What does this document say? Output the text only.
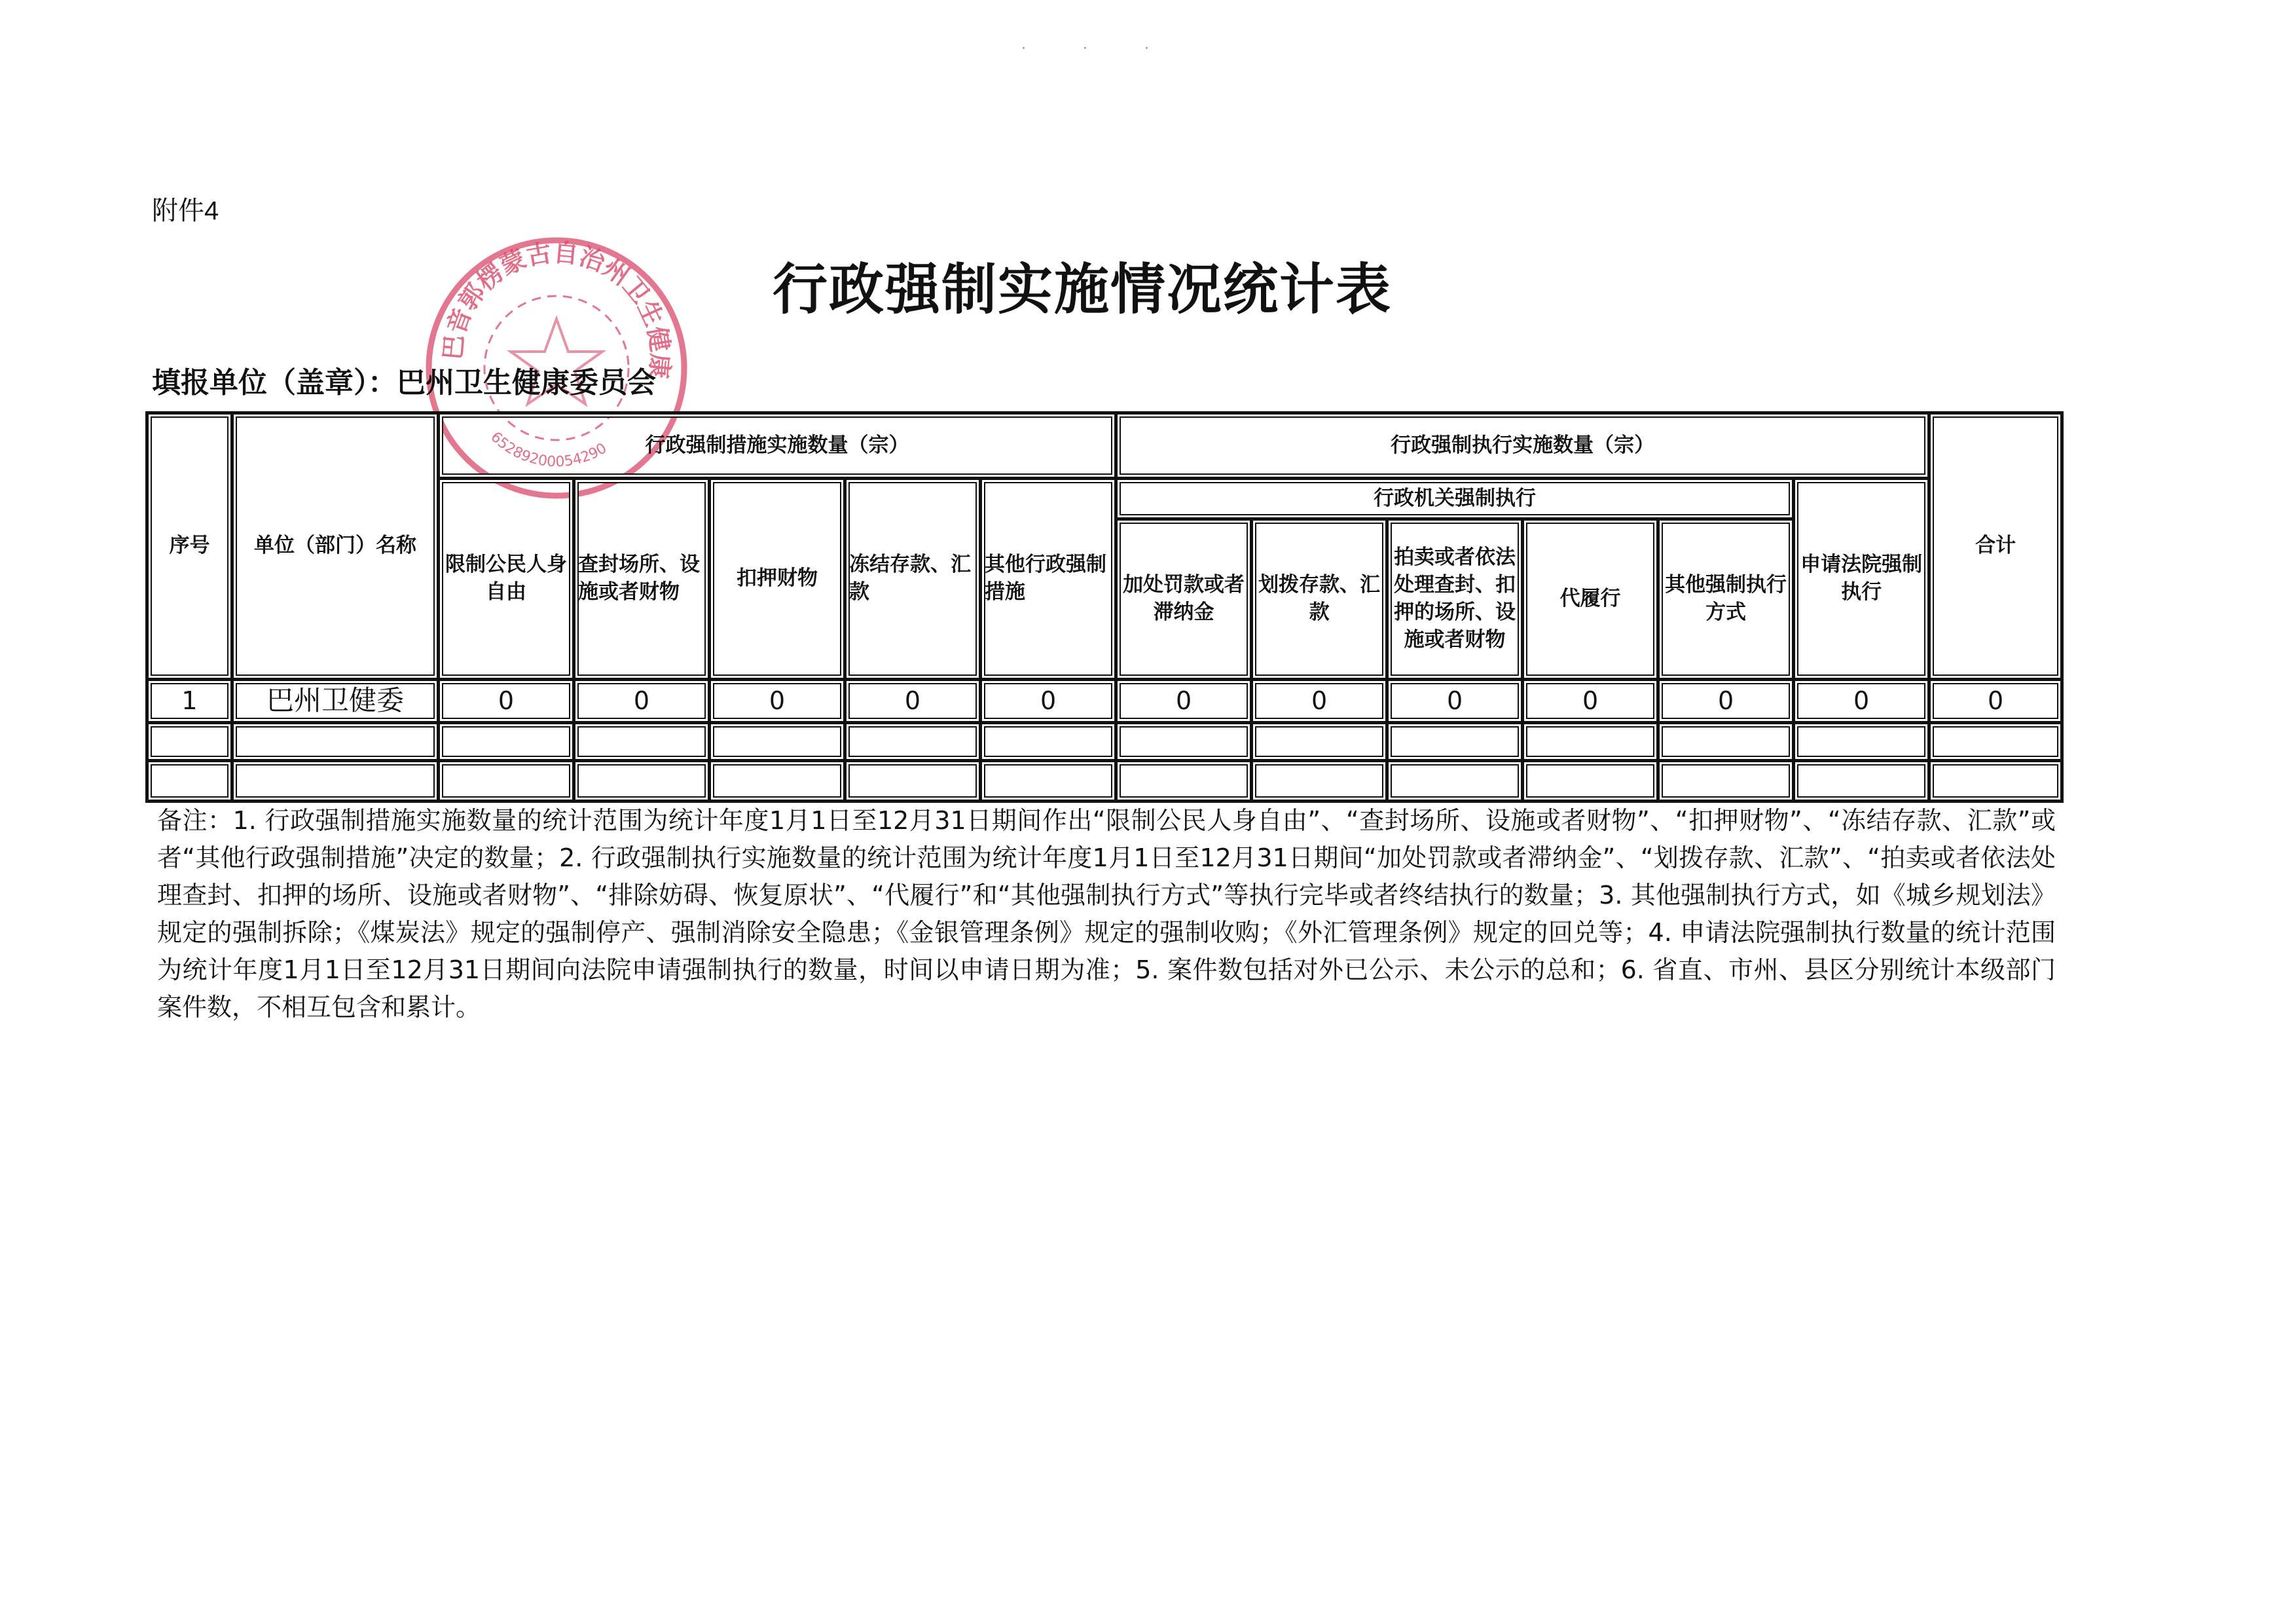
· · ·
附件4
巴音郭楞蒙古自治州卫生健康
65289200054290
行政强制实施情况统计表
填报单位（盖章）：巴州卫生健康委员会
序号	单位（部门）名称	行政强制措施实施数量（宗）					行政强制执行实施数量（宗）						合计
		限制公民人身自由	查封场所、设施或者财物	扣押财物	冻结存款、汇款	其他行政强制措施	行政机关强制执行					申请法院强制执行	
							加处罚款或者滞纳金	划拨存款、汇款	拍卖或者依法处理查封、扣押的场所、设施或者财物	代履行	其他强制执行方式		
1	巴州卫健委	0	0	0	0	0	0	0	0	0	0	0	0

备注：1. 行政强制措施实施数量的统计范围为统计年度1月1日至12月31日期间作出“限制公民人身自由”、“查封场所、设施或者财物”、“扣押财物”、“冻结存款、汇款”或者“其他行政强制措施”决定的数量；2. 行政强制执行实施数量的统计范围为统计年度1月1日至12月31日期间“加处罚款或者滞纳金”、“划拨存款、汇款”、“拍卖或者依法处理查封、扣押的场所、设施或者财物”、“排除妨碍、恢复原状”、“代履行”和“其他强制执行方式”等执行完毕或者终结执行的数量；3. 其他强制执行方式，如《城乡规划法》规定的强制拆除；《煤炭法》规定的强制停产、强制消除安全隐患；《金银管理条例》规定的强制收购；《外汇管理条例》规定的回兑等；4. 申请法院强制执行数量的统计范围为统计年度1月1日至12月31日期间向法院申请强制执行的数量，时间以申请日期为准；5. 案件数包括对外已公示、未公示的总和；6. 省直、市州、县区分别统计本级部门案件数，不相互包含和累计。
